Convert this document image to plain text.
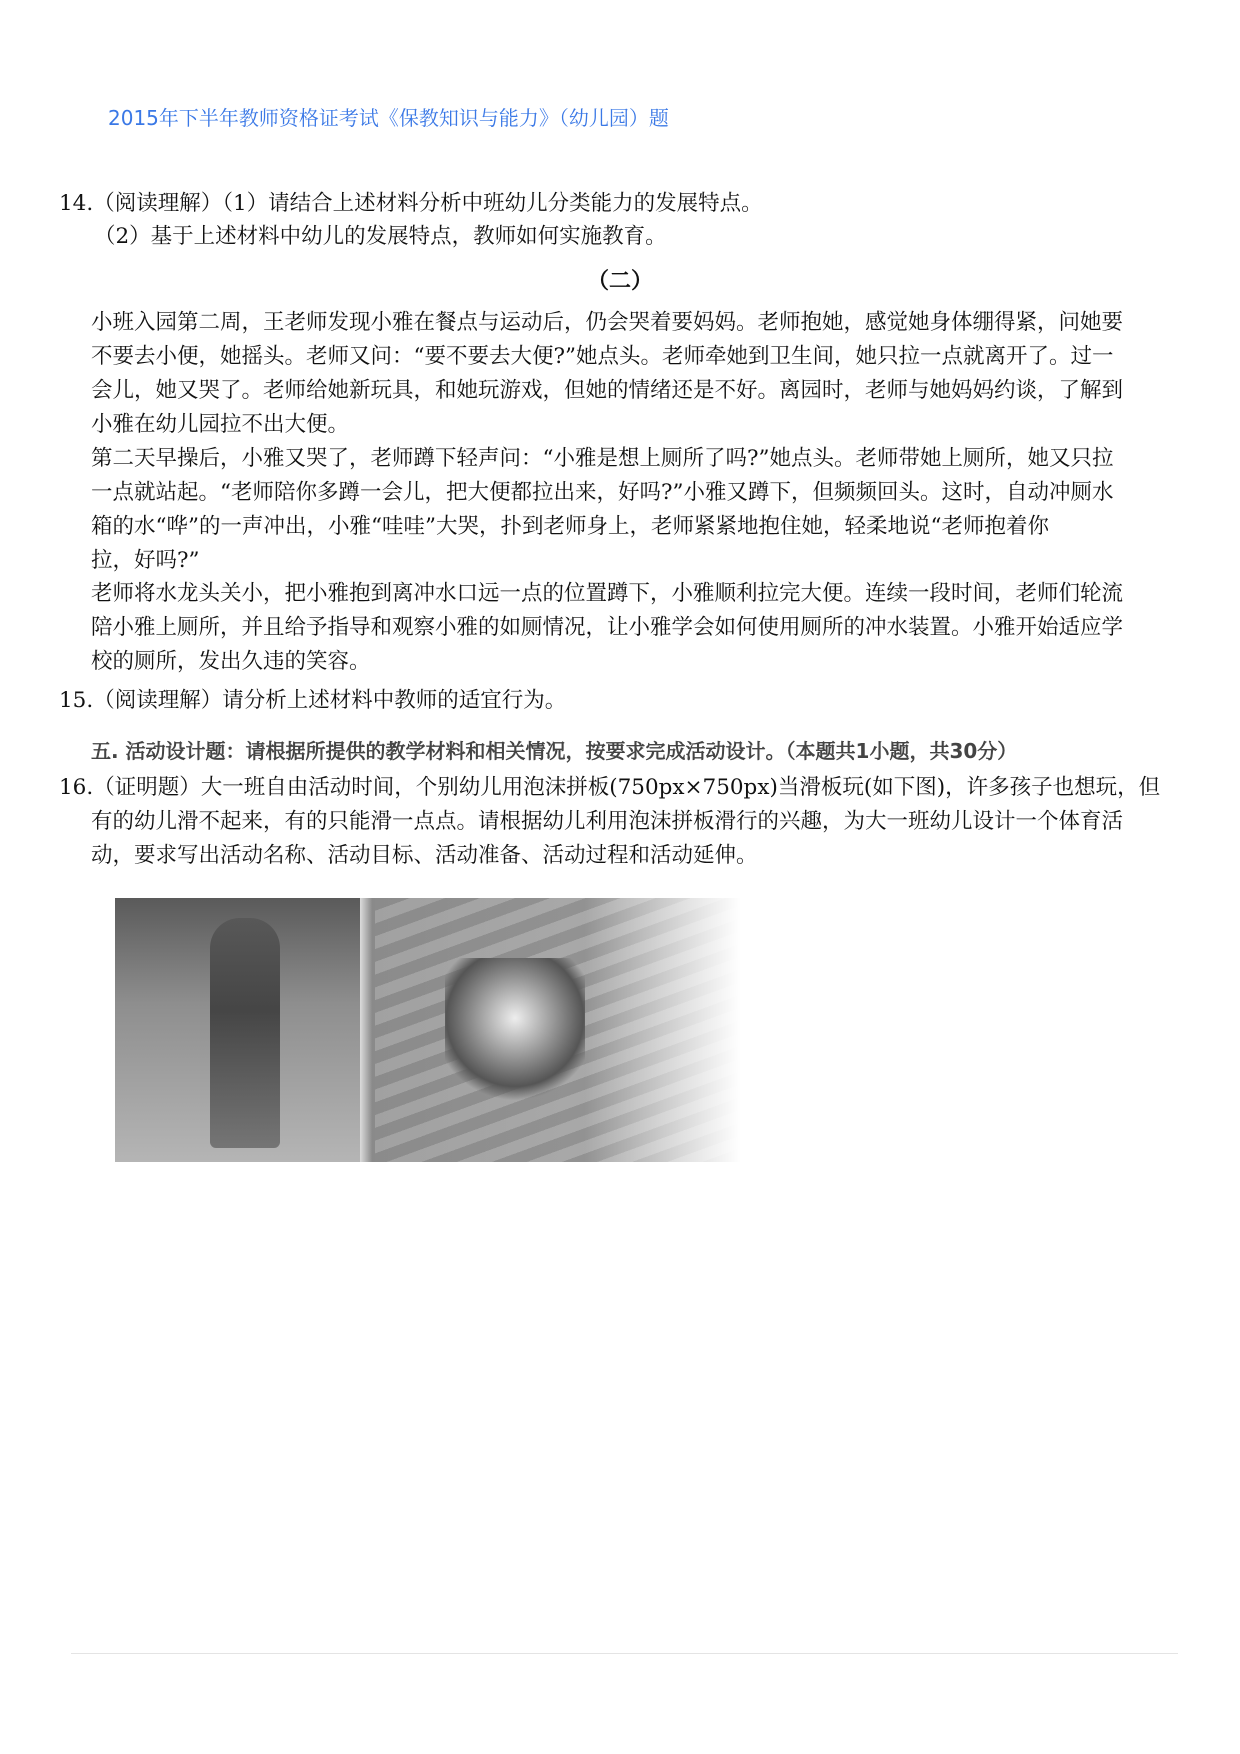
2015年下半年教师资格证考试《保教知识与能力》（幼儿园）题
14.（阅读理解）（1）请结合上述材料分析中班幼儿分类能力的发展特点。
（2）基于上述材料中幼儿的发展特点，教师如何实施教育。
（二）
小班入园第二周，王老师发现小雅在餐点与运动后，仍会哭着要妈妈。老师抱她，感觉她身体绷得紧，问她要
不要去小便，她摇头。老师又问：“要不要去大便?”她点头。老师牵她到卫生间，她只拉一点就离开了。过一
会儿，她又哭了。老师给她新玩具，和她玩游戏，但她的情绪还是不好。离园时，老师与她妈妈约谈，了解到
小雅在幼儿园拉不出大便。
第二天早操后，小雅又哭了，老师蹲下轻声问：“小雅是想上厕所了吗?”她点头。老师带她上厕所，她又只拉
一点就站起。“老师陪你多蹲一会儿，把大便都拉出来，好吗?”小雅又蹲下，但频频回头。这时，自动冲厕水
箱的水“哗”的一声冲出，小雅“哇哇”大哭，扑到老师身上，老师紧紧地抱住她，轻柔地说“老师抱着你
拉，好吗?”
老师将水龙头关小，把小雅抱到离冲水口远一点的位置蹲下，小雅顺利拉完大便。连续一段时间，老师们轮流
陪小雅上厕所，并且给予指导和观察小雅的如厕情况，让小雅学会如何使用厕所的冲水装置。小雅开始适应学
校的厕所，发出久违的笑容。
15.（阅读理解）请分析上述材料中教师的适宜行为。
五. 活动设计题：请根据所提供的教学材料和相关情况，按要求完成活动设计。（本题共1小题，共30分）
16.（证明题）大一班自由活动时间，个别幼儿用泡沫拼板(750px×750px)当滑板玩(如下图)，许多孩子也想玩，但
有的幼儿滑不起来，有的只能滑一点点。请根据幼儿利用泡沫拼板滑行的兴趣，为大一班幼儿设计一个体育活
动，要求写出活动名称、活动目标、活动准备、活动过程和活动延伸。
